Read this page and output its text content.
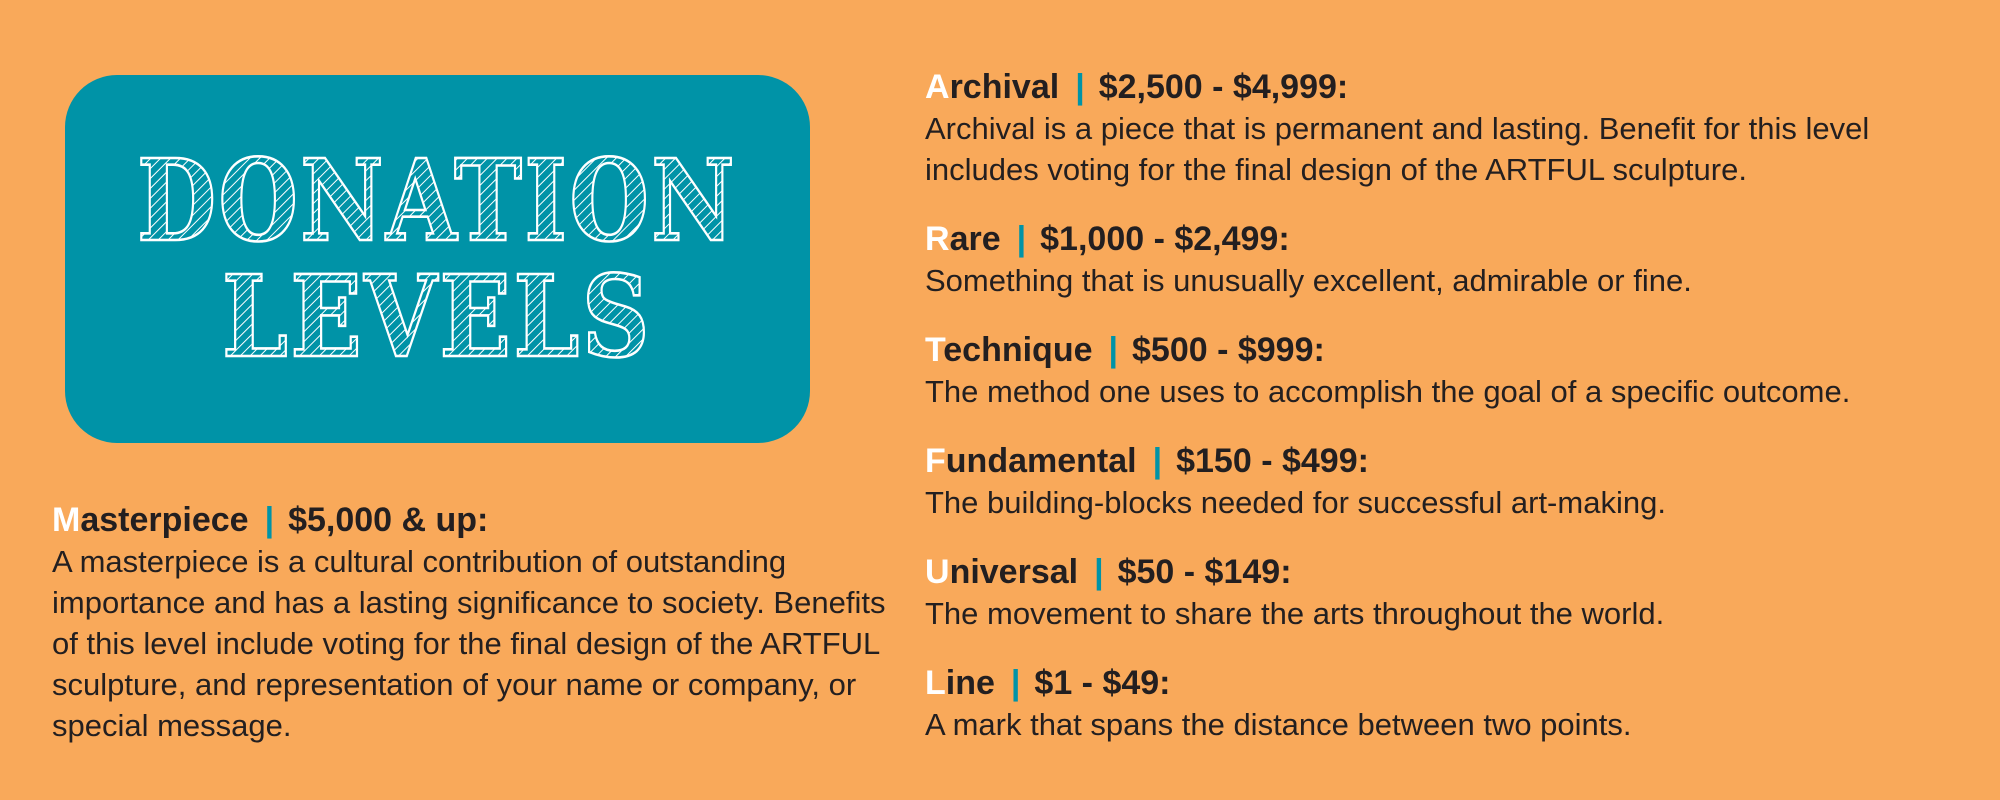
DONATION
LEVELS
Masterpiece | $5,000 & up:
A masterpiece is a cultural contribution of outstanding importance and has a lasting significance to society. Benefits of this level include voting for the final design of the ARTFUL sculpture, and representation of your name or company, or special message.
Archival | $2,500 - $4,999:
Archival is a piece that is permanent and lasting. Benefit for this level includes voting for the final design of the ARTFUL sculpture.
Rare | $1,000 - $2,499:
Something that is unusually excellent, admirable or fine.
Technique | $500 - $999:
The method one uses to accomplish the goal of a specific outcome.
Fundamental | $150 - $499:
The building-blocks needed for successful art-making.
Universal | $50 - $149:
The movement to share the arts throughout the world.
Line | $1 - $49:
A mark that spans the distance between two points.
